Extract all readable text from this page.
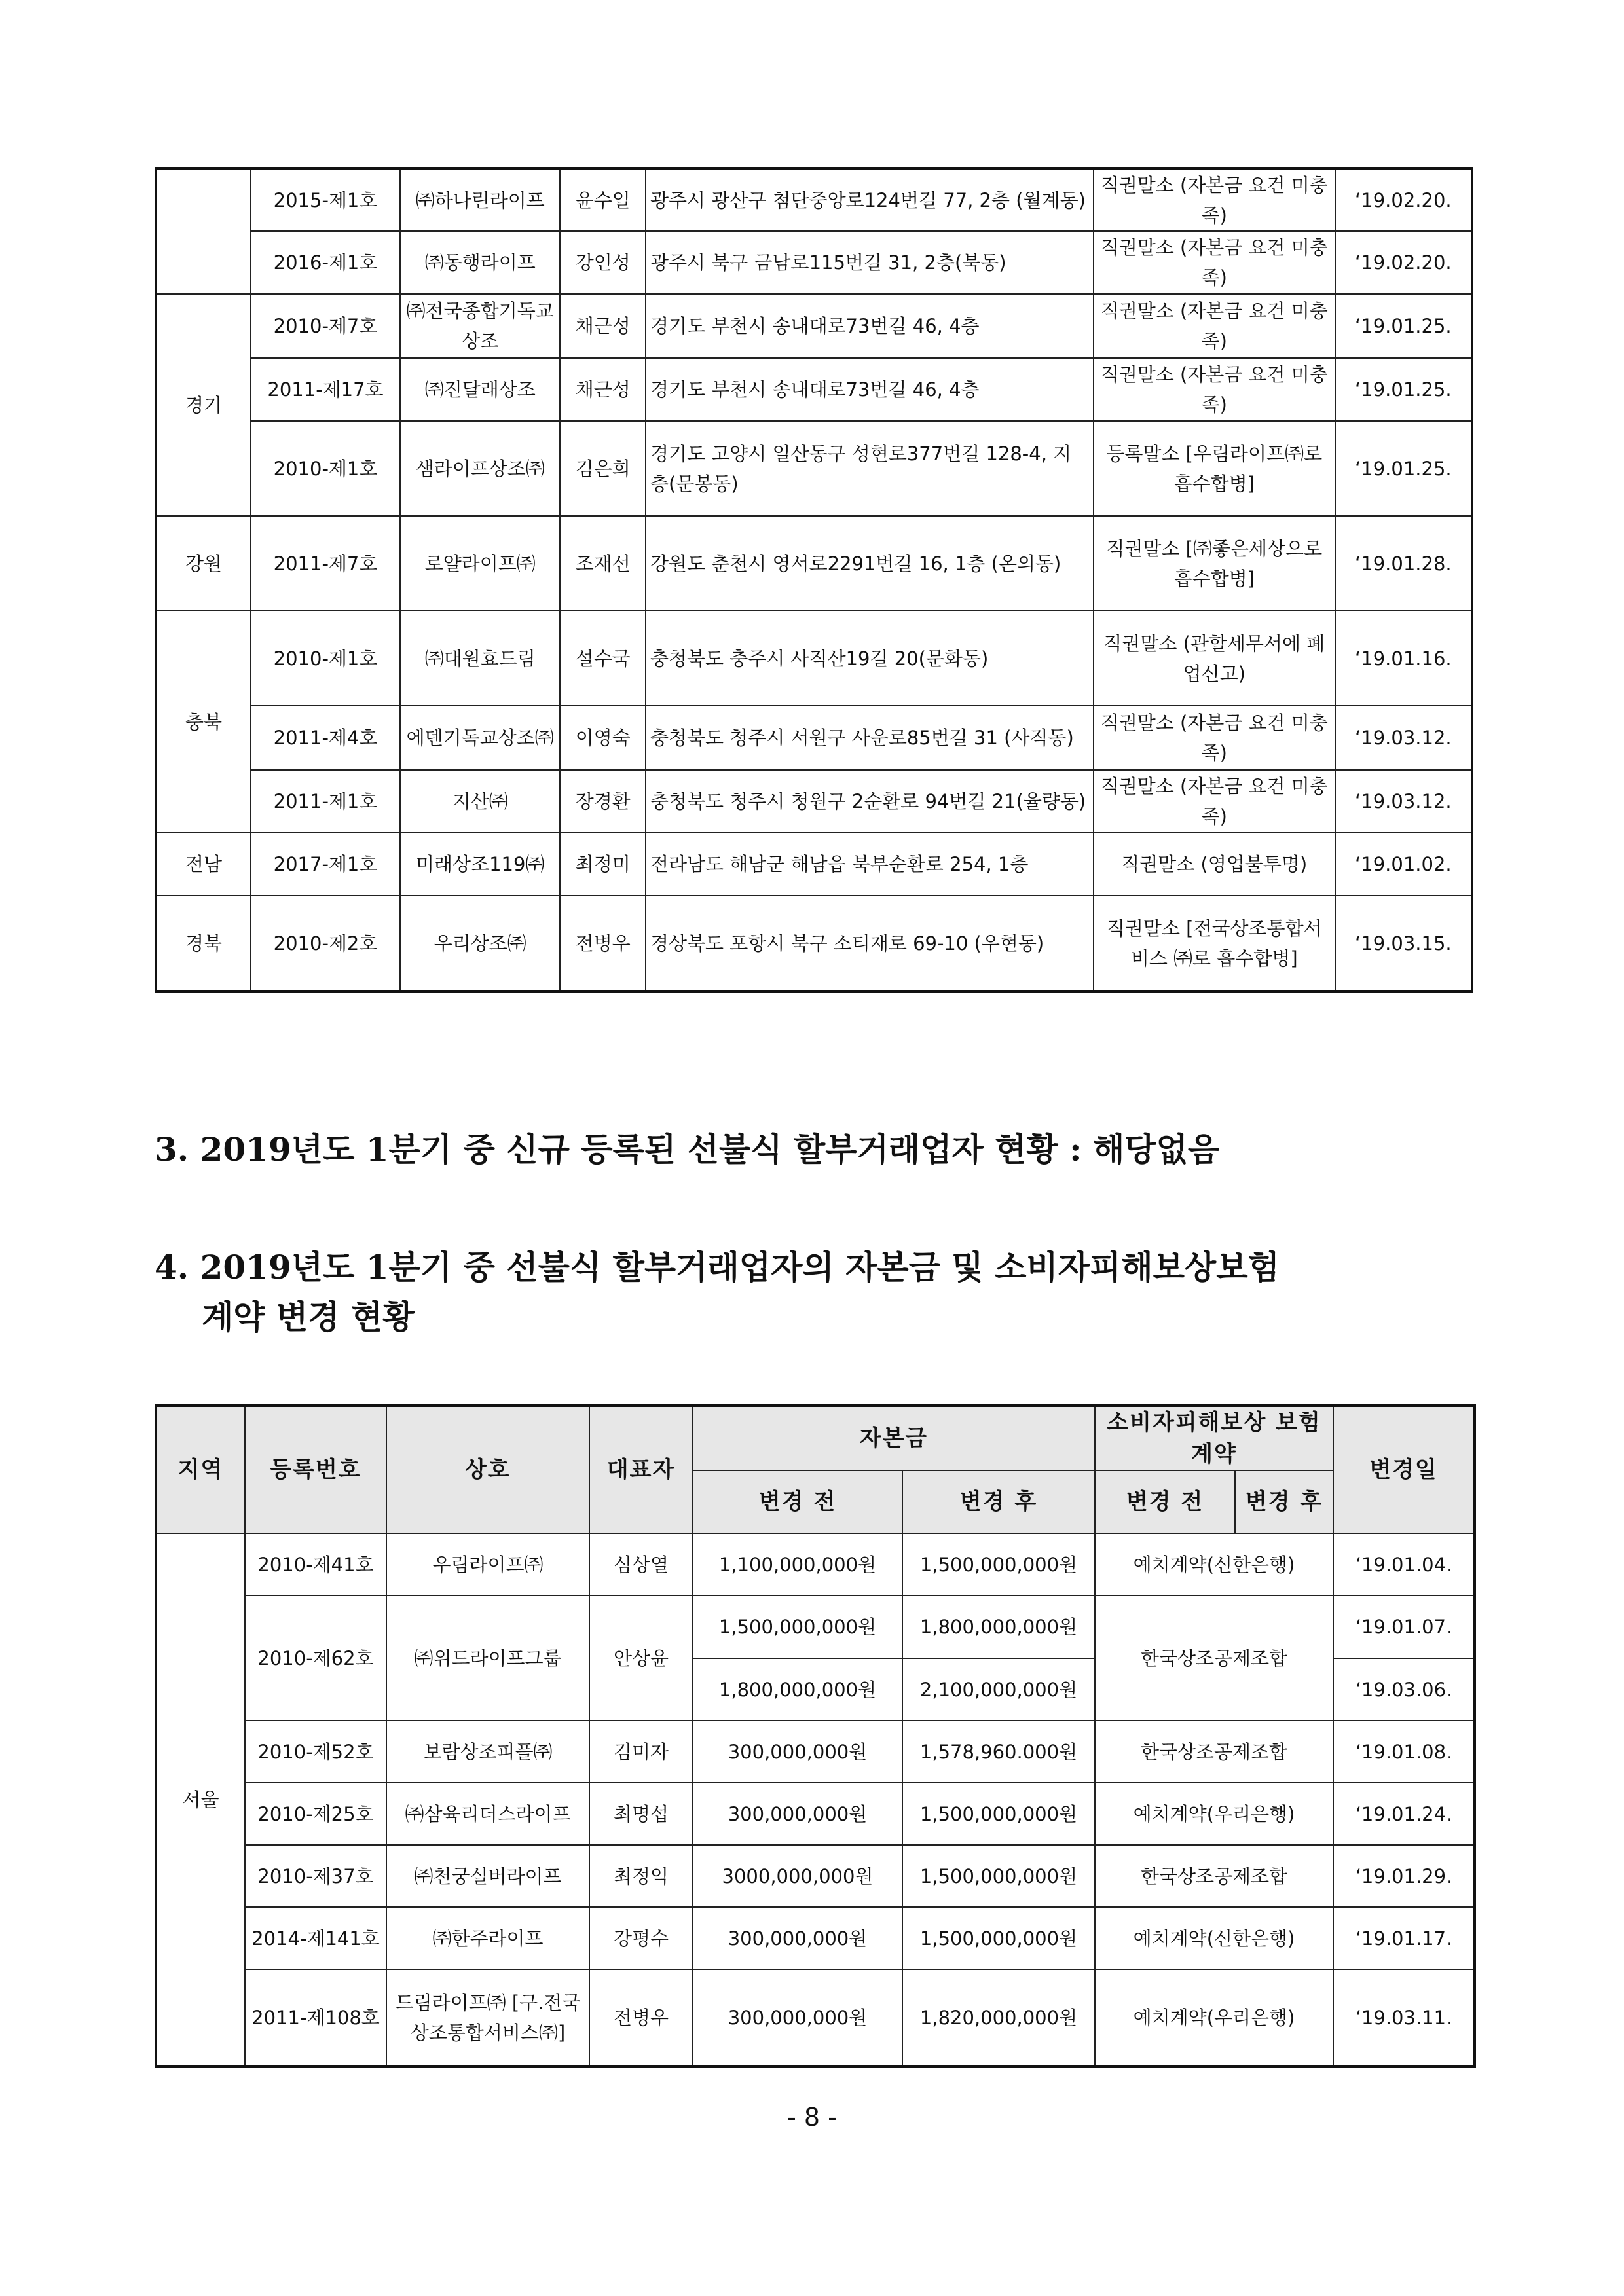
	2015-제1호	㈜하나린라이프	윤수일	광주시 광산구 첨단중앙로124번길 77, 2층 (월계동)	직권말소 (자본금 요건 미충족)	‘19.02.20.
	2016-제1호	㈜동행라이프	강인성	광주시 북구 금남로115번길 31, 2층(북동)	직권말소 (자본금 요건 미충족)	‘19.02.20.
경기	2010-제7호	㈜전국종합기독교 상조	채근성	경기도 부천시 송내대로73번길 46, 4층	직권말소 (자본금 요건 미충족)	‘19.01.25.
	2011-제17호	㈜진달래상조	채근성	경기도 부천시 송내대로73번길 46, 4층	직권말소 (자본금 요건 미충족)	‘19.01.25.
	2010-제1호	샘라이프상조㈜	김은희	경기도 고양시 일산동구 성현로377번길 128-4, 지층(문봉동)	등록말소 [우림라이프㈜로 흡수합병]	‘19.01.25.
강원	2011-제7호	로얄라이프㈜	조재선	강원도 춘천시 영서로2291번길 16, 1층 (온의동)	직권말소 [㈜좋은세상으로 흡수합병]	‘19.01.28.
충북	2010-제1호	㈜대원효드림	설수국	충청북도 충주시 사직산19길 20(문화동)	직권말소 (관할세무서에 폐업신고)	‘19.01.16.
	2011-제4호	에덴기독교상조㈜	이영숙	충청북도 청주시 서원구 사운로85번길 31 (사직동)	직권말소 (자본금 요건 미충족)	‘19.03.12.
	2011-제1호	지산㈜	장경환	충청북도 청주시 청원구 2순환로 94번길 21(율량동)	직권말소 (자본금 요건 미충족)	‘19.03.12.
전남	2017-제1호	미래상조119㈜	최정미	전라남도 해남군 해남읍 북부순환로 254, 1층	직권말소 (영업불투명)	‘19.01.02.
경북	2010-제2호	우리상조㈜	전병우	경상북도 포항시 북구 소티재로 69-10 (우현동)	직권말소 [전국상조통합서비스 ㈜로 흡수합병]	‘19.03.15.
3. 2019년도 1분기 중 신규 등록된 선불식 할부거래업자 현황 : 해당없음
4. 2019년도 1분기 중 선불식 할부거래업자의 자본금 및 소비자피해보상보험
계약 변경 현황
지역	등록번호	상호	대표자	자본금		소비자피해보상 보험계약		변경일
				변경 전	변경 후	변경 전	변경 후	
서울	2010-제41호	우림라이프㈜	심상열	1,100,000,000원	1,500,000,000원	예치계약(신한은행)		‘19.01.04.
	2010-제62호	㈜위드라이프그룹	안상윤	1,500,000,000원	1,800,000,000원	한국상조공제조합		‘19.01.07.
				1,800,000,000원	2,100,000,000원			‘19.03.06.
	2010-제52호	보람상조피플㈜	김미자	300,000,000원	1,578,960.000원	한국상조공제조합		‘19.01.08.
	2010-제25호	㈜삼육리더스라이프	최명섭	300,000,000원	1,500,000,000원	예치계약(우리은행)		‘19.01.24.
	2010-제37호	㈜천궁실버라이프	최정익	3000,000,000원	1,500,000,000원	한국상조공제조합		‘19.01.29.
	2014-제141호	㈜한주라이프	강평수	300,000,000원	1,500,000,000원	예치계약(신한은행)		‘19.01.17.
	2011-제108호	드림라이프㈜ [구.전국상조통합서비스㈜]	전병우	300,000,000원	1,820,000,000원	예치계약(우리은행)		‘19.03.11.
- 8 -
